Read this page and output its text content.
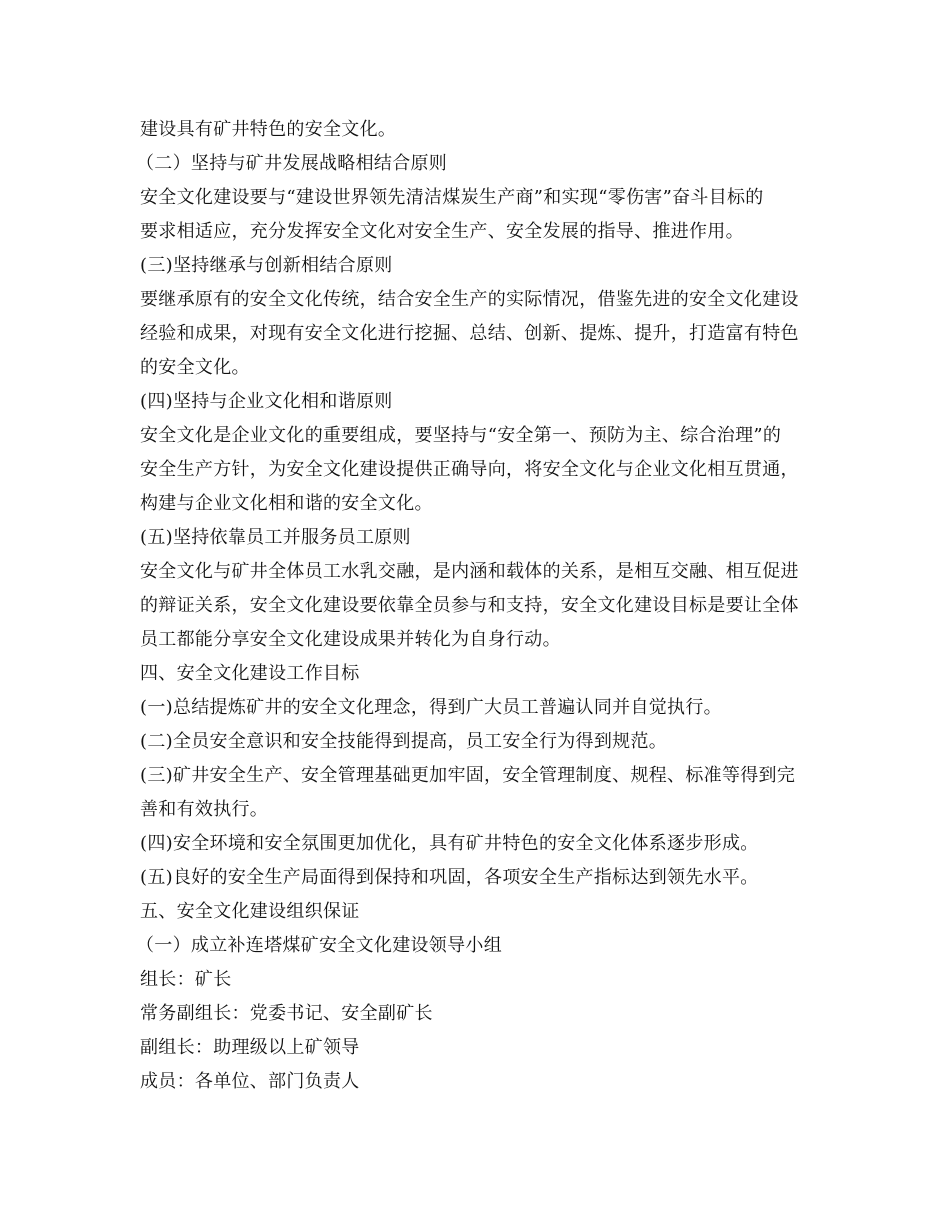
建设具有矿井特色的安全文化。
（二）坚持与矿井发展战略相结合原则
安全文化建设要与“建设世界领先清洁煤炭生产商”和实现“零伤害”奋斗目标的
要求相适应，充分发挥安全文化对安全生产、安全发展的指导、推进作用。
(三)坚持继承与创新相结合原则
要继承原有的安全文化传统，结合安全生产的实际情况，借鉴先进的安全文化建设
经验和成果，对现有安全文化进行挖掘、总结、创新、提炼、提升，打造富有特色
的安全文化。
(四)坚持与企业文化相和谐原则
安全文化是企业文化的重要组成，要坚持与“安全第一、预防为主、综合治理”的
安全生产方针，为安全文化建设提供正确导向，将安全文化与企业文化相互贯通，
构建与企业文化相和谐的安全文化。
(五)坚持依靠员工并服务员工原则
安全文化与矿井全体员工水乳交融，是内涵和载体的关系，是相互交融、相互促进
的辩证关系，安全文化建设要依靠全员参与和支持，安全文化建设目标是要让全体
员工都能分享安全文化建设成果并转化为自身行动。
四、安全文化建设工作目标
(一)总结提炼矿井的安全文化理念，得到广大员工普遍认同并自觉执行。
(二)全员安全意识和安全技能得到提高，员工安全行为得到规范。
(三)矿井安全生产、安全管理基础更加牢固，安全管理制度、规程、标准等得到完
善和有效执行。
(四)安全环境和安全氛围更加优化，具有矿井特色的安全文化体系逐步形成。
(五)良好的安全生产局面得到保持和巩固，各项安全生产指标达到领先水平。
五、安全文化建设组织保证
（一）成立补连塔煤矿安全文化建设领导小组
组长：矿长
常务副组长：党委书记、安全副矿长
副组长：助理级以上矿领导
成员：各单位、部门负责人
